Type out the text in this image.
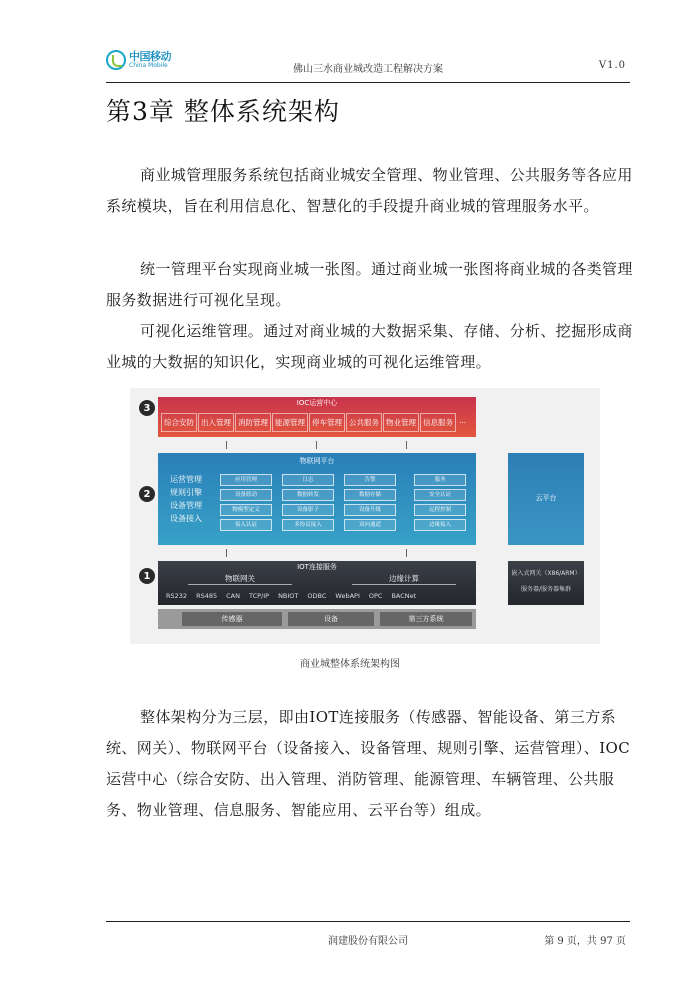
中国移动
China Mobile	佛山三水商业城改造工程解决方案	V1.0
第3章 整体系统架构

商业城管理服务系统包括商业城安全管理、物业管理、公共服务等各应用系统模块，旨在利用信息化、智慧化的手段提升商业城的管理服务水平。

统一管理平台实现商业城一张图。通过商业城一张图将商业城的各类管理服务数据进行可视化呈现。

可视化运维管理。通过对商业城的大数据采集、存储、分析、挖掘形成商业城的大数据的知识化，实现商业城的可视化运维管理。

3	IOC运营中心
综合安防 出入管理 消防管理 能源管理 停车管理 公共服务 物业管理 信息服务 ...
2
物联网平台
运营管理
规则引擎
设备管理
设备接入
应用管理
设备联动
物模型定义
接入认证
日志
数据转发
设备影子
多协议接入
告警
数据存储
设备升级
双向通道
服务
安全认证
远程控制
边缘接入
云平台
1
IOT连接服务
物联网关	边缘计算
RS232 RS485 CAN TCP/IP NBIOT ODBC WebAPI OPC BACNet
嵌入式网关（X86/ARM）
服务器/服务器集群
传感器	设备	第三方系统
商业城整体系统架构图

整体架构分为三层，即由IOT连接服务（传感器、智能设备、第三方系统、网关）、物联网平台（设备接入、设备管理、规则引擎、运营管理）、IOC运营中心（综合安防、出入管理、消防管理、能源管理、车辆管理、公共服务、物业管理、信息服务、智能应用、云平台等）组成。

润建股份有限公司	第 9 页，共 97 页
